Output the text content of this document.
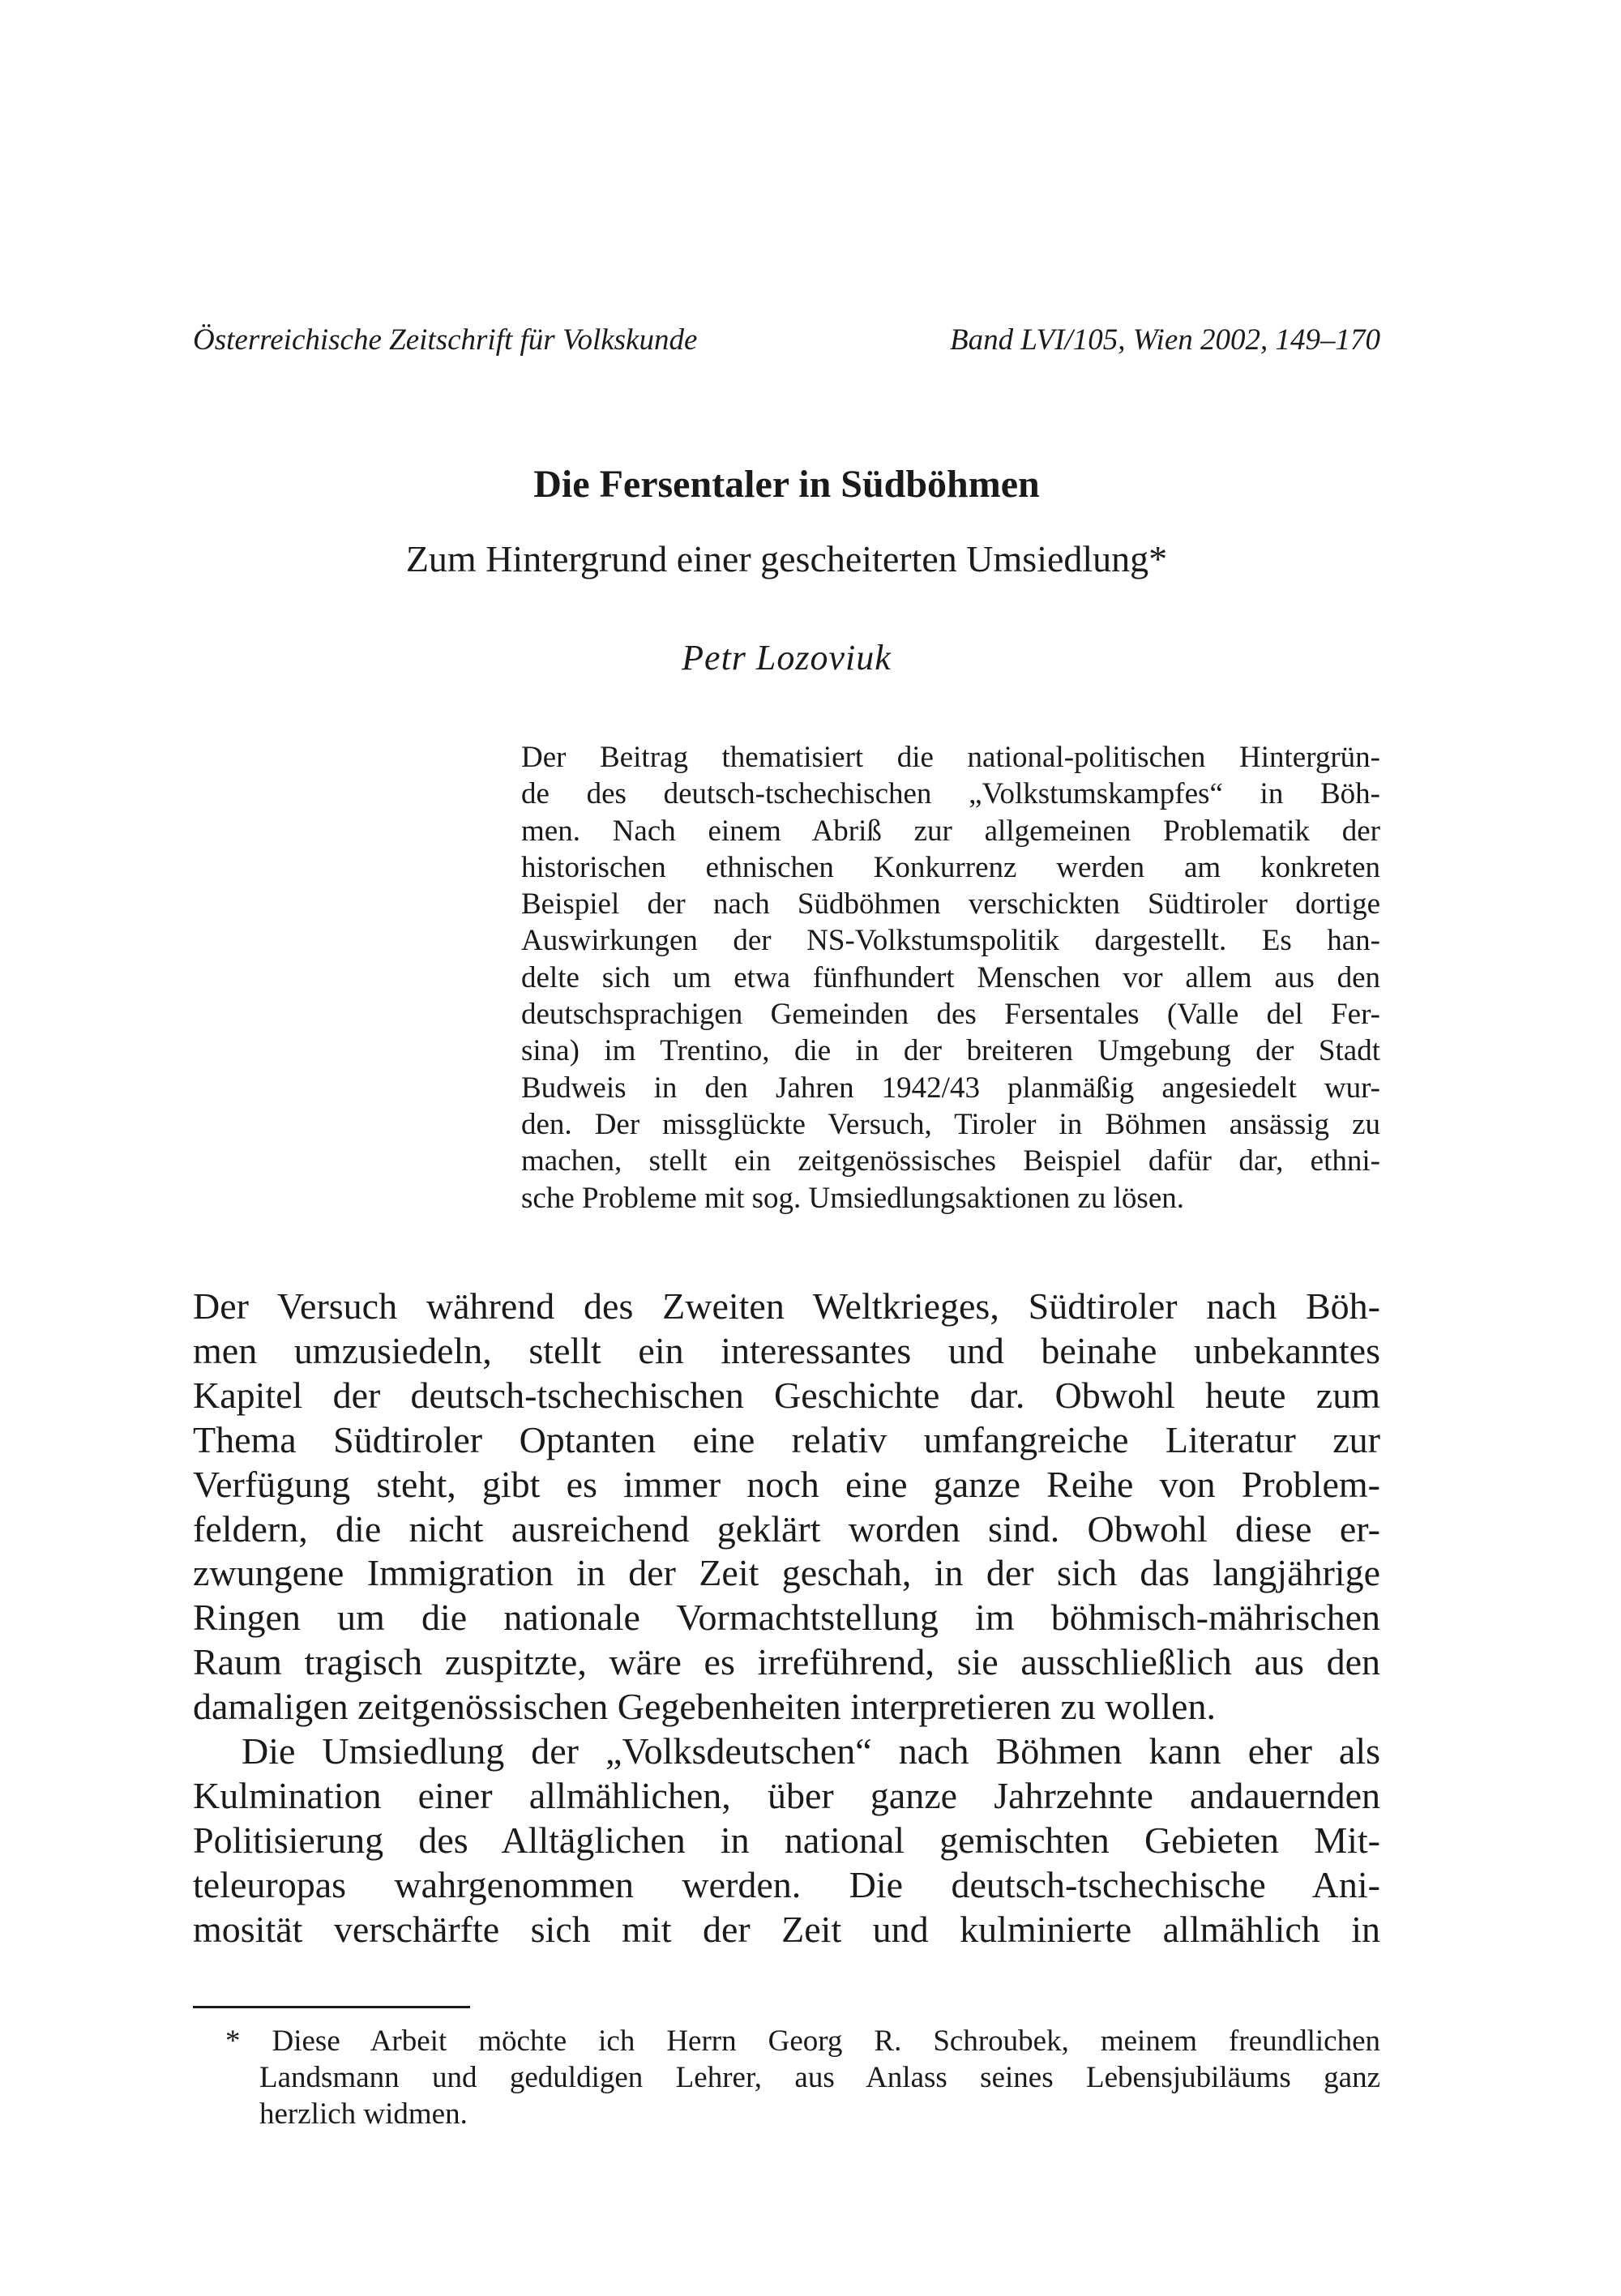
Österreichische Zeitschrift für Volkskunde	Band LVI/105, Wien 2002, 149–170
Die Fersentaler in Südböhmen
Zum Hintergrund einer gescheiterten Umsiedlung*
Petr Lozoviuk
Der Beitrag thematisiert die national-politischen Hintergrün-
de des deutsch-tschechischen „Volkstumskampfes“ in Böh-
men. Nach einem Abriß zur allgemeinen Problematik der
historischen ethnischen Konkurrenz werden am konkreten
Beispiel der nach Südböhmen verschickten Südtiroler dortige
Auswirkungen der NS-Volkstumspolitik dargestellt. Es han-
delte sich um etwa fünfhundert Menschen vor allem aus den
deutschsprachigen Gemeinden des Fersentales (Valle del Fer-
sina) im Trentino, die in der breiteren Umgebung der Stadt
Budweis in den Jahren 1942/43 planmäßig angesiedelt wur-
den. Der missglückte Versuch, Tiroler in Böhmen ansässig zu
machen, stellt ein zeitgenössisches Beispiel dafür dar, ethni-
sche Probleme mit sog. Umsiedlungsaktionen zu lösen.
Der Versuch während des Zweiten Weltkrieges, Südtiroler nach Böh-
men umzusiedeln, stellt ein interessantes und beinahe unbekanntes
Kapitel der deutsch-tschechischen Geschichte dar. Obwohl heute zum
Thema Südtiroler Optanten eine relativ umfangreiche Literatur zur
Verfügung steht, gibt es immer noch eine ganze Reihe von Problem-
feldern, die nicht ausreichend geklärt worden sind. Obwohl diese er-
zwungene Immigration in der Zeit geschah, in der sich das langjährige
Ringen um die nationale Vormachtstellung im böhmisch-mährischen
Raum tragisch zuspitzte, wäre es irreführend, sie ausschließlich aus den
damaligen zeitgenössischen Gegebenheiten interpretieren zu wollen.
Die Umsiedlung der „Volksdeutschen“ nach Böhmen kann eher als
Kulmination einer allmählichen, über ganze Jahrzehnte andauernden
Politisierung des Alltäglichen in national gemischten Gebieten Mit-
teleuropas wahrgenommen werden. Die deutsch-tschechische Ani-
mosität verschärfte sich mit der Zeit und kulminierte allmählich in
* Diese Arbeit möchte ich Herrn Georg R. Schroubek, meinem freundlichen
Landsmann und geduldigen Lehrer, aus Anlass seines Lebensjubiläums ganz
herzlich widmen.
